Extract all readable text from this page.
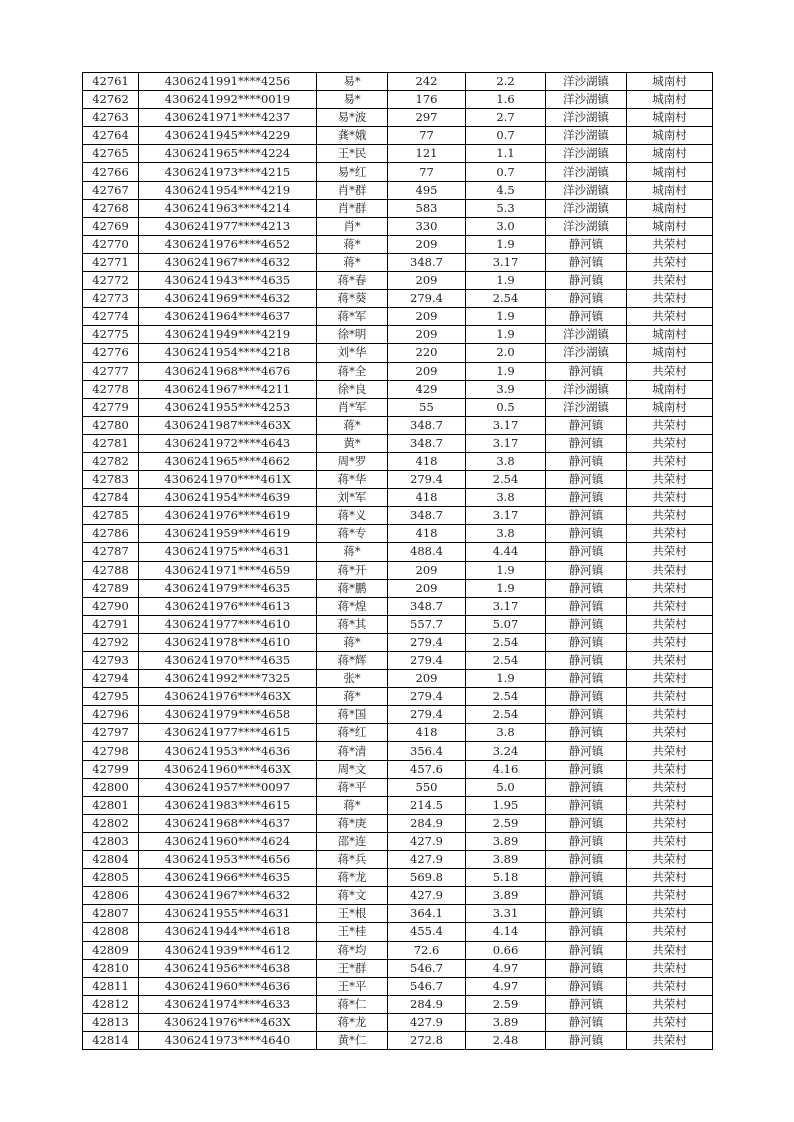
42761	4306241991****4256	易*	242	2.2	洋沙湖镇	城南村
42762	4306241992****0019	易*	176	1.6	洋沙湖镇	城南村
42763	4306241971****4237	易*波	297	2.7	洋沙湖镇	城南村
42764	4306241945****4229	龚*娥	77	0.7	洋沙湖镇	城南村
42765	4306241965****4224	王*民	121	1.1	洋沙湖镇	城南村
42766	4306241973****4215	易*红	77	0.7	洋沙湖镇	城南村
42767	4306241954****4219	肖*群	495	4.5	洋沙湖镇	城南村
42768	4306241963****4214	肖*群	583	5.3	洋沙湖镇	城南村
42769	4306241977****4213	肖*	330	3.0	洋沙湖镇	城南村
42770	4306241976****4652	蒋*	209	1.9	静河镇	共荣村
42771	4306241967****4632	蒋*	348.7	3.17	静河镇	共荣村
42772	4306241943****4635	蒋*春	209	1.9	静河镇	共荣村
42773	4306241969****4632	蒋*葵	279.4	2.54	静河镇	共荣村
42774	4306241964****4637	蒋*军	209	1.9	静河镇	共荣村
42775	4306241949****4219	徐*明	209	1.9	洋沙湖镇	城南村
42776	4306241954****4218	刘*华	220	2.0	洋沙湖镇	城南村
42777	4306241968****4676	蒋*全	209	1.9	静河镇	共荣村
42778	4306241967****4211	徐*良	429	3.9	洋沙湖镇	城南村
42779	4306241955****4253	肖*军	55	0.5	洋沙湖镇	城南村
42780	4306241987****463X	蒋*	348.7	3.17	静河镇	共荣村
42781	4306241972****4643	黄*	348.7	3.17	静河镇	共荣村
42782	4306241965****4662	周*罗	418	3.8	静河镇	共荣村
42783	4306241970****461X	蒋*华	279.4	2.54	静河镇	共荣村
42784	4306241954****4639	刘*军	418	3.8	静河镇	共荣村
42785	4306241976****4619	蒋*义	348.7	3.17	静河镇	共荣村
42786	4306241959****4619	蒋*专	418	3.8	静河镇	共荣村
42787	4306241975****4631	蒋*	488.4	4.44	静河镇	共荣村
42788	4306241971****4659	蒋*开	209	1.9	静河镇	共荣村
42789	4306241979****4635	蒋*鹏	209	1.9	静河镇	共荣村
42790	4306241976****4613	蒋*煌	348.7	3.17	静河镇	共荣村
42791	4306241977****4610	蒋*其	557.7	5.07	静河镇	共荣村
42792	4306241978****4610	蒋*	279.4	2.54	静河镇	共荣村
42793	4306241970****4635	蒋*辉	279.4	2.54	静河镇	共荣村
42794	4306241992****7325	张*	209	1.9	静河镇	共荣村
42795	4306241976****463X	蒋*	279.4	2.54	静河镇	共荣村
42796	4306241979****4658	蒋*国	279.4	2.54	静河镇	共荣村
42797	4306241977****4615	蒋*红	418	3.8	静河镇	共荣村
42798	4306241953****4636	蒋*清	356.4	3.24	静河镇	共荣村
42799	4306241960****463X	周*文	457.6	4.16	静河镇	共荣村
42800	4306241957****0097	蒋*平	550	5.0	静河镇	共荣村
42801	4306241983****4615	蒋*	214.5	1.95	静河镇	共荣村
42802	4306241968****4637	蒋*庚	284.9	2.59	静河镇	共荣村
42803	4306241960****4624	邵*连	427.9	3.89	静河镇	共荣村
42804	4306241953****4656	蒋*兵	427.9	3.89	静河镇	共荣村
42805	4306241966****4635	蒋*龙	569.8	5.18	静河镇	共荣村
42806	4306241967****4632	蒋*文	427.9	3.89	静河镇	共荣村
42807	4306241955****4631	王*根	364.1	3.31	静河镇	共荣村
42808	4306241944****4618	王*桂	455.4	4.14	静河镇	共荣村
42809	4306241939****4612	蒋*均	72.6	0.66	静河镇	共荣村
42810	4306241956****4638	王*群	546.7	4.97	静河镇	共荣村
42811	4306241960****4636	王*平	546.7	4.97	静河镇	共荣村
42812	4306241974****4633	蒋*仁	284.9	2.59	静河镇	共荣村
42813	4306241976****463X	蒋*龙	427.9	3.89	静河镇	共荣村
42814	4306241973****4640	黄*仁	272.8	2.48	静河镇	共荣村
